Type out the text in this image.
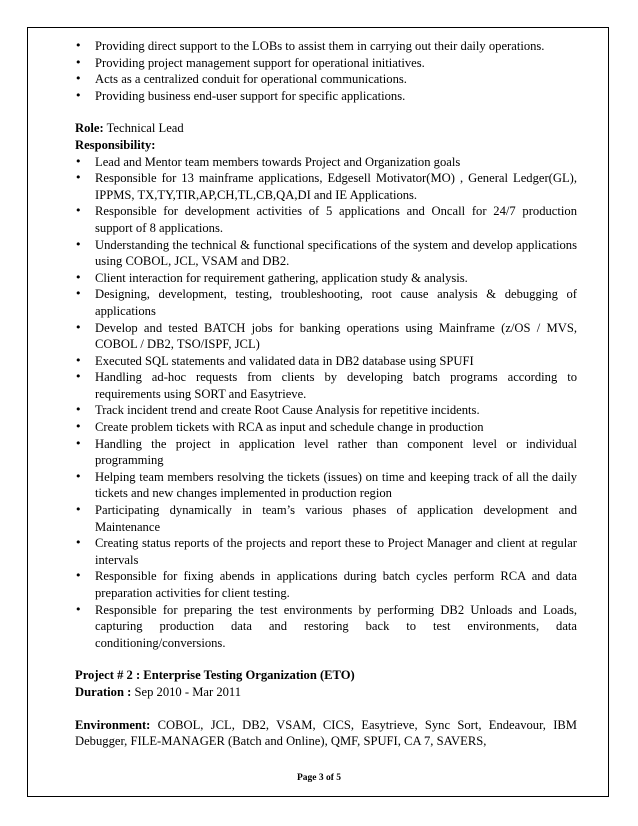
• Providing direct support to the LOBs to assist them in carrying out their daily operations.
• Providing project management support for operational initiatives.
• Acts as a centralized conduit for operational communications.
• Providing business end-user support for specific applications.

Role: Technical Lead

Responsibility:

• Lead and Mentor team members towards Project and Organization goals
• Responsible for 13 mainframe applications, Edgesell Motivator(MO) , General Ledger(GL), IPPMS, TX,TY,TIR,AP,CH,TL,CB,QA,DI and IE Applications.
• Responsible for development activities of 5 applications and Oncall for 24/7 production support of 8 applications.
• Understanding the technical & functional specifications of the system and develop applications using COBOL, JCL, VSAM and DB2.
• Client interaction for requirement gathering, application study & analysis.
• Designing, development, testing, troubleshooting, root cause analysis & debugging of applications
• Develop and tested BATCH jobs for banking operations using Mainframe (z/OS / MVS, COBOL / DB2, TSO/ISPF, JCL)
• Executed SQL statements and validated data in DB2 database using SPUFI
• Handling ad-hoc requests from clients by developing batch programs according to requirements using SORT and Easytrieve.
• Track incident trend and create Root Cause Analysis for repetitive incidents.
• Create problem tickets with RCA as input and schedule change in production
• Handling the project in application level rather than component level or individual programming
• Helping team members resolving the tickets (issues) on time and keeping track of all the daily tickets and new changes implemented in production region
• Participating dynamically in team’s various phases of application development and Maintenance
• Creating status reports of the projects and report these to Project Manager and client at regular intervals
• Responsible for fixing abends in applications during batch cycles perform RCA and data preparation activities for client testing.
• Responsible for preparing the test environments by performing DB2 Unloads and Loads, capturing production data and restoring back to test environments, data conditioning/conversions.

Project # 2 : Enterprise Testing Organization (ETO)

Duration : Sep 2010 - Mar 2011

Environment: COBOL, JCL, DB2, VSAM, CICS, Easytrieve, Sync Sort, Endeavour, IBM Debugger, FILE-MANAGER (Batch and Online), QMF, SPUFI, CA 7, SAVERS,

Page 3 of 5
